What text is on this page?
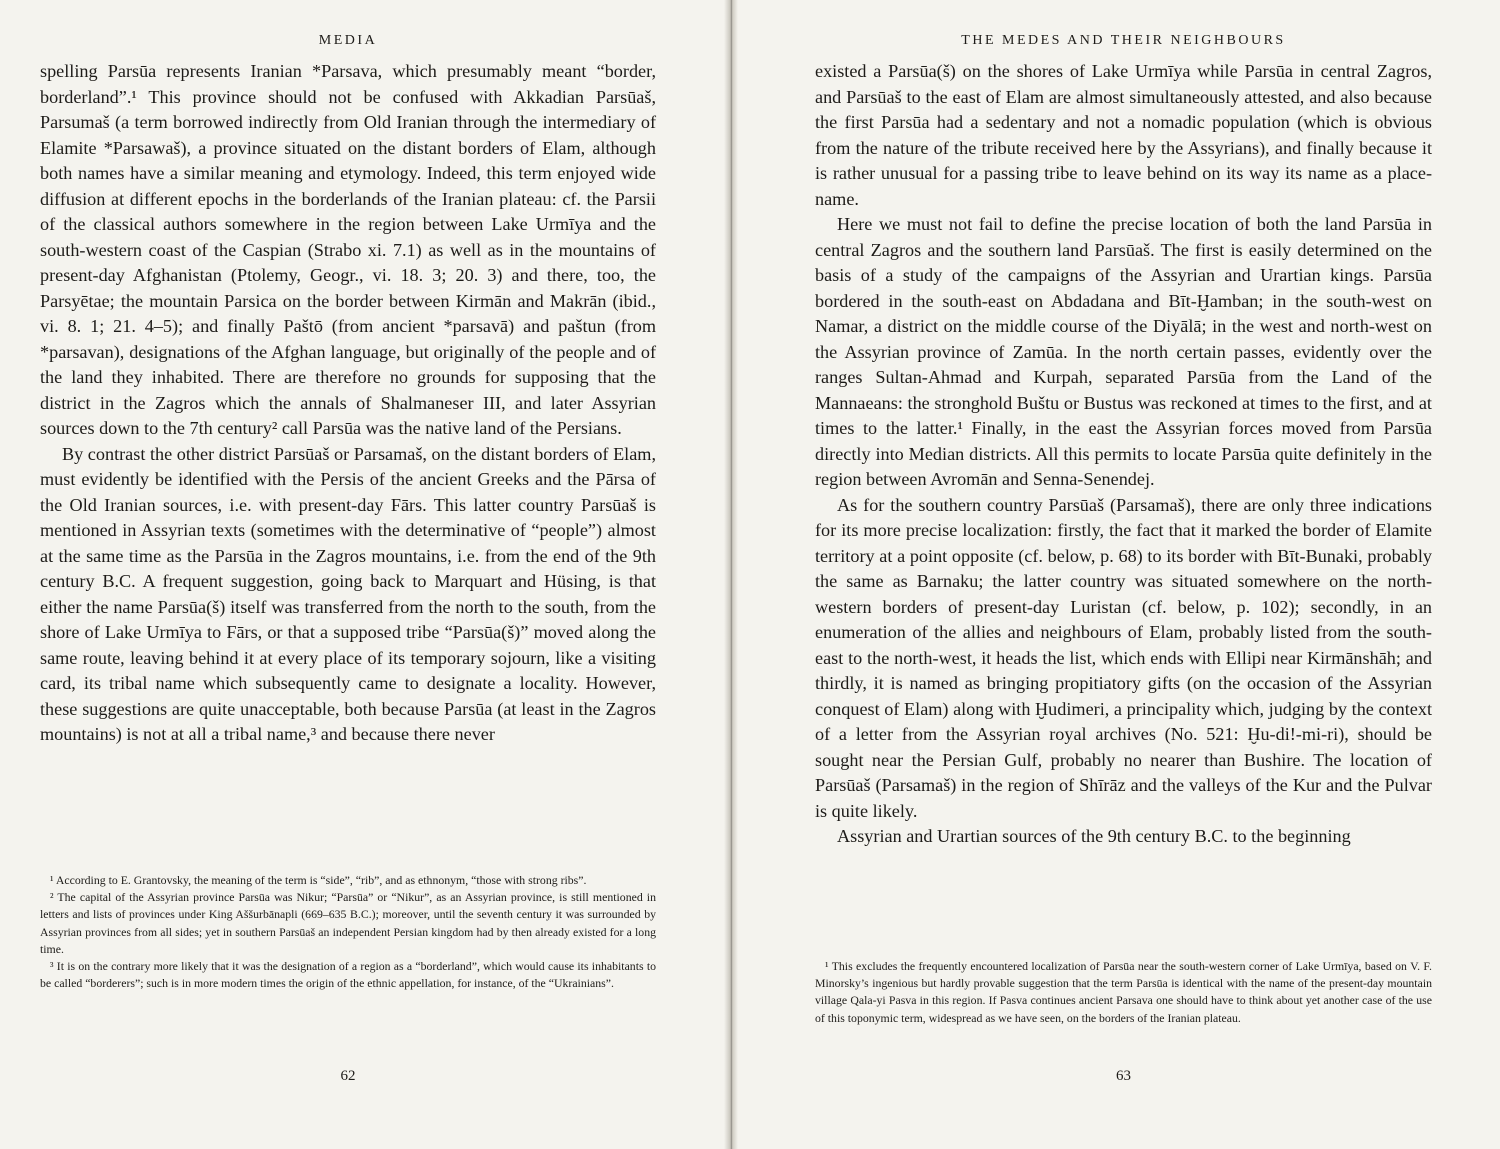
MEDIA

spelling Parsūa represents Iranian *Parsava, which presumably meant “border, borderland”.¹ This province should not be confused with Akkadian Parsūaš, Parsumaš (a term borrowed indirectly from Old Iranian through the intermediary of Elamite *Parsawaš), a province situated on the distant borders of Elam, although both names have a similar meaning and etymology. Indeed, this term enjoyed wide diffusion at different epochs in the borderlands of the Iranian plateau: cf. the Parsii of the classical authors somewhere in the region between Lake Urmīya and the south-western coast of the Caspian (Strabo xi. 7.1) as well as in the mountains of present-day Afghanistan (Ptolemy, Geogr., vi. 18. 3; 20. 3) and there, too, the Parsyētae; the mountain Parsica on the border between Kirmān and Makrān (ibid., vi. 8. 1; 21. 4–5); and finally Paštō (from ancient *parsavā) and paštun (from *parsavan), designations of the Afghan language, but originally of the people and of the land they inhabited. There are therefore no grounds for supposing that the district in the Zagros which the annals of Shalmaneser III, and later Assyrian sources down to the 7th century² call Parsūa was the native land of the Persians.

By contrast the other district Parsūaš or Parsamaš, on the distant borders of Elam, must evidently be identified with the Persis of the ancient Greeks and the Pārsa of the Old Iranian sources, i.e. with present-day Fārs. This latter country Parsūaš is mentioned in Assyrian texts (sometimes with the determinative of “people”) almost at the same time as the Parsūa in the Zagros mountains, i.e. from the end of the 9th century B.C. A frequent suggestion, going back to Marquart and Hüsing, is that either the name Parsūa(š) itself was transferred from the north to the south, from the shore of Lake Urmīya to Fārs, or that a supposed tribe “Parsūa(š)” moved along the same route, leaving behind it at every place of its temporary sojourn, like a visiting card, its tribal name which subsequently came to designate a locality. However, these suggestions are quite unacceptable, both because Parsūa (at least in the Zagros mountains) is not at all a tribal name,³ and because there never

¹ According to E. Grantovsky, the meaning of the term is “side”, “rib”, and as ethnonym, “those with strong ribs”.

² The capital of the Assyrian province Parsūa was Nikur; “Parsūa” or “Nikur”, as an Assyrian province, is still mentioned in letters and lists of provinces under King Aššurbānapli (669–635 B.C.); moreover, until the seventh century it was surrounded by Assyrian provinces from all sides; yet in southern Parsūaš an independent Persian kingdom had by then already existed for a long time.

³ It is on the contrary more likely that it was the designation of a region as a “borderland”, which would cause its inhabitants to be called “borderers”; such is in more modern times the origin of the ethnic appellation, for instance, of the “Ukrainians”.

62
THE MEDES AND THEIR NEIGHBOURS

existed a Parsūa(š) on the shores of Lake Urmīya while Parsūa in central Zagros, and Parsūaš to the east of Elam are almost simultaneously attested, and also because the first Parsūa had a sedentary and not a nomadic population (which is obvious from the nature of the tribute received here by the Assyrians), and finally because it is rather unusual for a passing tribe to leave behind on its way its name as a place-name.

Here we must not fail to define the precise location of both the land Parsūa in central Zagros and the southern land Parsūaš. The first is easily determined on the basis of a study of the campaigns of the Assyrian and Urartian kings. Parsūa bordered in the south-east on Abdadana and Bīt-Ḫamban; in the south-west on Namar, a district on the middle course of the Diyālā; in the west and north-west on the Assyrian province of Zamūa. In the north certain passes, evidently over the ranges Sultan-Ahmad and Kurpah, separated Parsūa from the Land of the Mannaeans: the stronghold Buštu or Bustus was reckoned at times to the first, and at times to the latter.¹ Finally, in the east the Assyrian forces moved from Parsūa directly into Median districts. All this permits to locate Parsūa quite definitely in the region between Avromān and Senna-Senendej.

As for the southern country Parsūaš (Parsamaš), there are only three indications for its more precise localization: firstly, the fact that it marked the border of Elamite territory at a point opposite (cf. below, p. 68) to its border with Bīt-Bunaki, probably the same as Barnaku; the latter country was situated somewhere on the north-western borders of present-day Luristan (cf. below, p. 102); secondly, in an enumeration of the allies and neighbours of Elam, probably listed from the south-east to the north-west, it heads the list, which ends with Ellipi near Kirmānshāh; and thirdly, it is named as bringing propitiatory gifts (on the occasion of the Assyrian conquest of Elam) along with Ḫudimeri, a principality which, judging by the context of a letter from the Assyrian royal archives (No. 521: Ḫu-di!-mi-ri), should be sought near the Persian Gulf, probably no nearer than Bushire. The location of Parsūaš (Parsamaš) in the region of Shīrāz and the valleys of the Kur and the Pulvar is quite likely.

Assyrian and Urartian sources of the 9th century B.C. to the beginning

¹ This excludes the frequently encountered localization of Parsūa near the south-western corner of Lake Urmīya, based on V. F. Minorsky’s ingenious but hardly provable suggestion that the term Parsūa is identical with the name of the present-day mountain village Qala-yi Pasva in this region. If Pasva continues ancient Parsava one should have to think about yet another case of the use of this toponymic term, widespread as we have seen, on the borders of the Iranian plateau.

63
